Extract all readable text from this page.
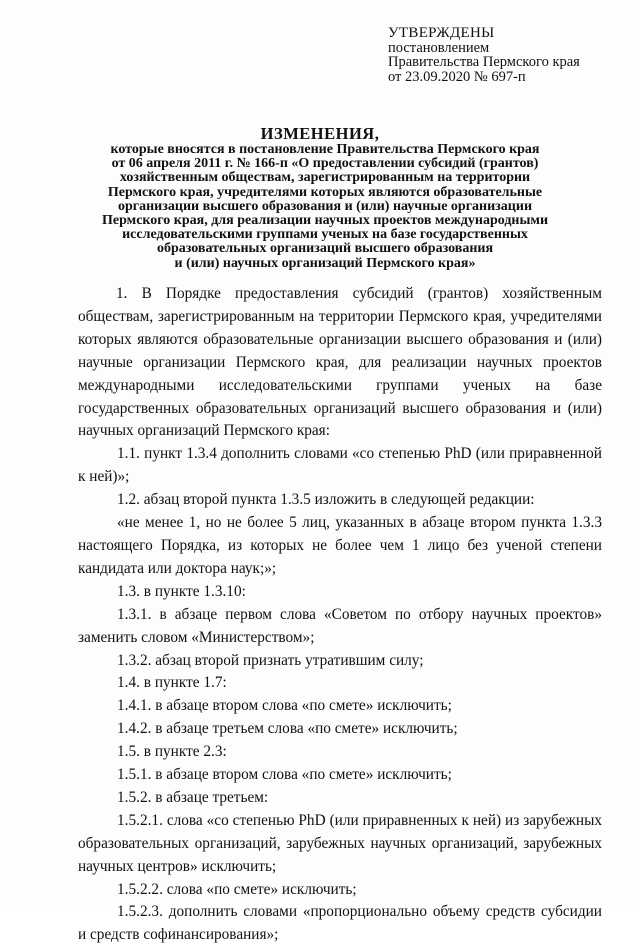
УТВЕРЖДЕНЫ
постановлением
Правительства Пермского края
от 23.09.2020 № 697-п
ИЗМЕНЕНИЯ,
которые вносятся в постановление Правительства Пермского края
от 06 апреля 2011 г. № 166-п «О предоставлении субсидий (грантов)
хозяйственным обществам, зарегистрированным на территории
Пермского края, учредителями которых являются образовательные
организации высшего образования и (или) научные организации
Пермского края, для реализации научных проектов международными
исследовательскими группами ученых на базе государственных
образовательных организаций высшего образования
и (или) научных организаций Пермского края»

1. В Порядке предоставления субсидий (грантов) хозяйственным обществам, зарегистрированным на территории Пермского края, учредителями которых являются образовательные организации высшего образования и (или) научные организации Пермского края, для реализации научных проектов международными исследовательскими группами ученых на базе государственных образовательных организаций высшего образования и (или) научных организаций Пермского края:

1.1. пункт 1.3.4 дополнить словами «со степенью PhD (или приравненной к ней)»;

1.2. абзац второй пункта 1.3.5 изложить в следующей редакции:

«не менее 1, но не более 5 лиц, указанных в абзаце втором пункта 1.3.3 настоящего Порядка, из которых не более чем 1 лицо без ученой степени кандидата или доктора наук;»;

1.3. в пункте 1.3.10:

1.3.1. в абзаце первом слова «Советом по отбору научных проектов» заменить словом «Министерством»;

1.3.2. абзац второй признать утратившим силу;

1.4. в пункте 1.7:

1.4.1. в абзаце втором слова «по смете» исключить;

1.4.2. в абзаце третьем слова «по смете» исключить;

1.5. в пункте 2.3:

1.5.1. в абзаце втором слова «по смете» исключить;

1.5.2. в абзаце третьем:

1.5.2.1. слова «со степенью PhD (или приравненных к ней) из зарубежных образовательных организаций, зарубежных научных организаций, зарубежных научных центров» исключить;

1.5.2.2. слова «по смете» исключить;

1.5.2.3. дополнить словами «пропорционально объему средств субсидии и средств софинансирования»;
